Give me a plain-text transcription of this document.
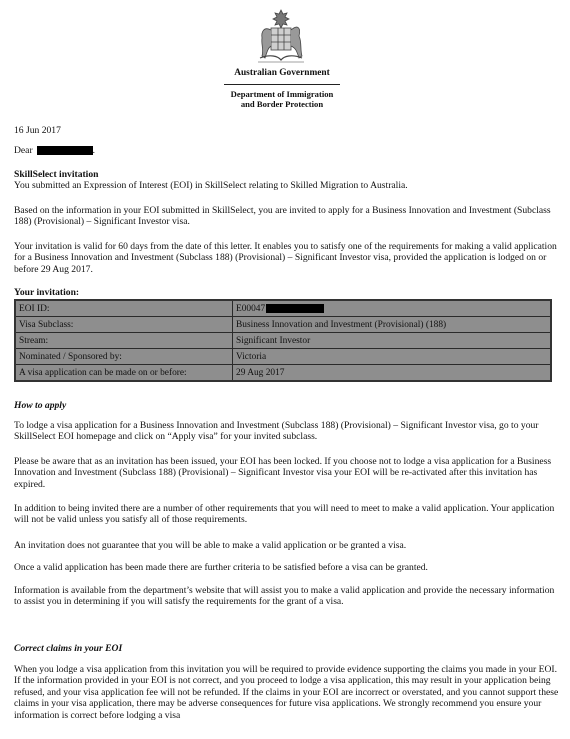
Australian Government
Department of Immigration
and Border Protection
16 Jun 2017
Dear	.
SkillSelect invitation
You submitted an Expression of Interest (EOI) in SkillSelect relating to Skilled Migration to Australia.
Based on the information in your EOI submitted in SkillSelect, you are invited to apply for a Business Innovation and Investment (Subclass 188) (Provisional) – Significant Investor visa.
Your invitation is valid for 60 days from the date of this letter. It enables you to satisfy one of the requirements for making a valid application for a Business Innovation and Investment (Subclass 188) (Provisional) – Significant Investor visa, provided the application is lodged on or before 29 Aug 2017.
Your invitation:
EOI ID:	E00047

Visa Subclass:	Business Innovation and Investment (Provisional) (188)
Stream:	Significant Investor
Nominated / Sponsored by:	Victoria
A visa application can be made on or before:	29 Aug 2017
How to apply
To lodge a visa application for a Business Innovation and Investment (Subclass 188) (Provisional) – Significant Investor visa, go to your SkillSelect EOI homepage and click on “Apply visa” for your invited subclass.
Please be aware that as an invitation has been issued, your EOI has been locked. If you choose not to lodge a visa application for a Business Innovation and Investment (Subclass 188) (Provisional) – Significant Investor visa your EOI will be re-activated after this invitation has expired.
In addition to being invited there are a number of other requirements that you will need to meet to make a valid application. Your application will not be valid unless you satisfy all of those requirements.
An invitation does not guarantee that you will be able to make a valid application or be granted a visa.
Once a valid application has been made there are further criteria to be satisfied before a visa can be granted.
Information is available from the department’s website that will assist you to make a valid application and provide the necessary information to assist you in determining if you will satisfy the requirements for the grant of a visa.
Correct claims in your EOI
When you lodge a visa application from this invitation you will be required to provide evidence supporting the claims you made in your EOI. If the information provided in your EOI is not correct, and you proceed to lodge a visa application, this may result in your application being refused, and your visa application fee will not be refunded. If the claims in your EOI are incorrect or overstated, and you cannot support these claims in your visa application, there may be adverse consequences for future visa applications. We strongly recommend you ensure your information is correct before lodging a visa
